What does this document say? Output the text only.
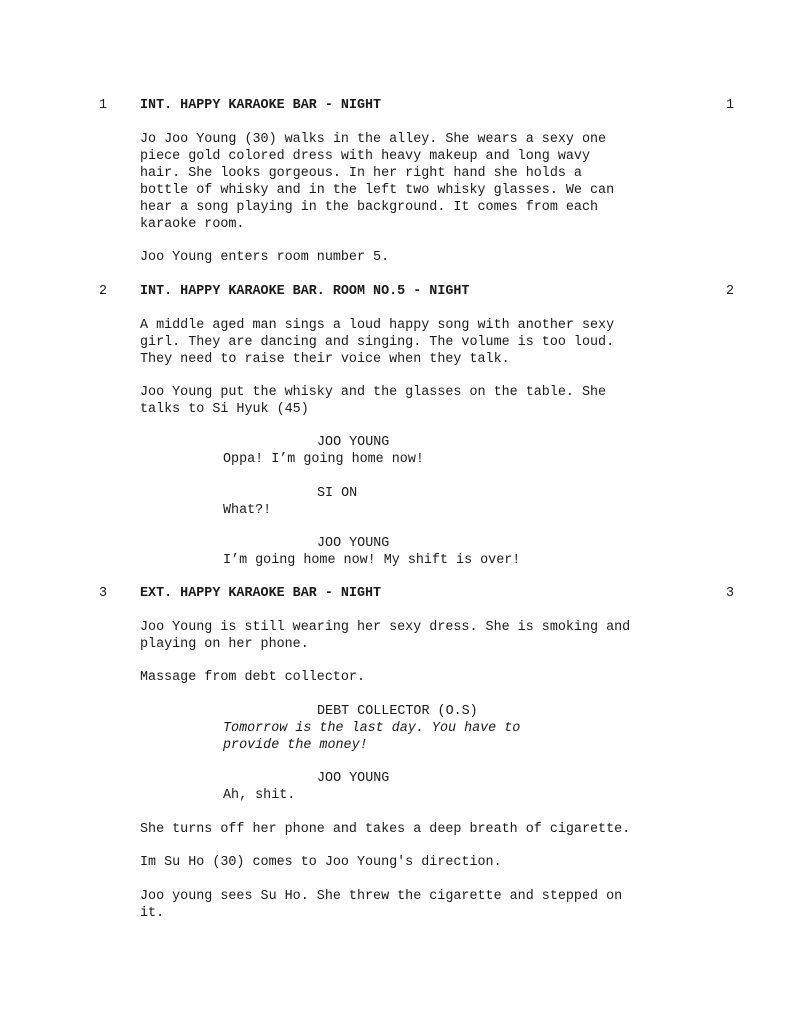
1 INT. HAPPY KARAOKE BAR - NIGHT	1
Jo Joo Young (30) walks in the alley. She wears a sexy one
piece gold colored dress with heavy makeup and long wavy
hair. She looks gorgeous. In her right hand she holds a
bottle of whisky and in the left two whisky glasses. We can
hear a song playing in the background. It comes from each
karaoke room.
Joo Young enters room number 5.
2 INT. HAPPY KARAOKE BAR. ROOM NO.5 - NIGHT	2
A middle aged man sings a loud happy song with another sexy
girl. They are dancing and singing. The volume is too loud.
They need to raise their voice when they talk.
Joo Young put the whisky and the glasses on the table. She
talks to Si Hyuk (45)
JOO YOUNG
Oppa! I’m going home now!
SI ON
What?!
JOO YOUNG
I’m going home now! My shift is over!
3 EXT. HAPPY KARAOKE BAR - NIGHT	3
Joo Young is still wearing her sexy dress. She is smoking and
playing on her phone.
Massage from debt collector.
DEBT COLLECTOR (O.S)
Tomorrow is the last day. You have to
provide the money!
JOO YOUNG
Ah, shit.
She turns off her phone and takes a deep breath of cigarette.
Im Su Ho (30) comes to Joo Young's direction.
Joo young sees Su Ho. She threw the cigarette and stepped on
it.
